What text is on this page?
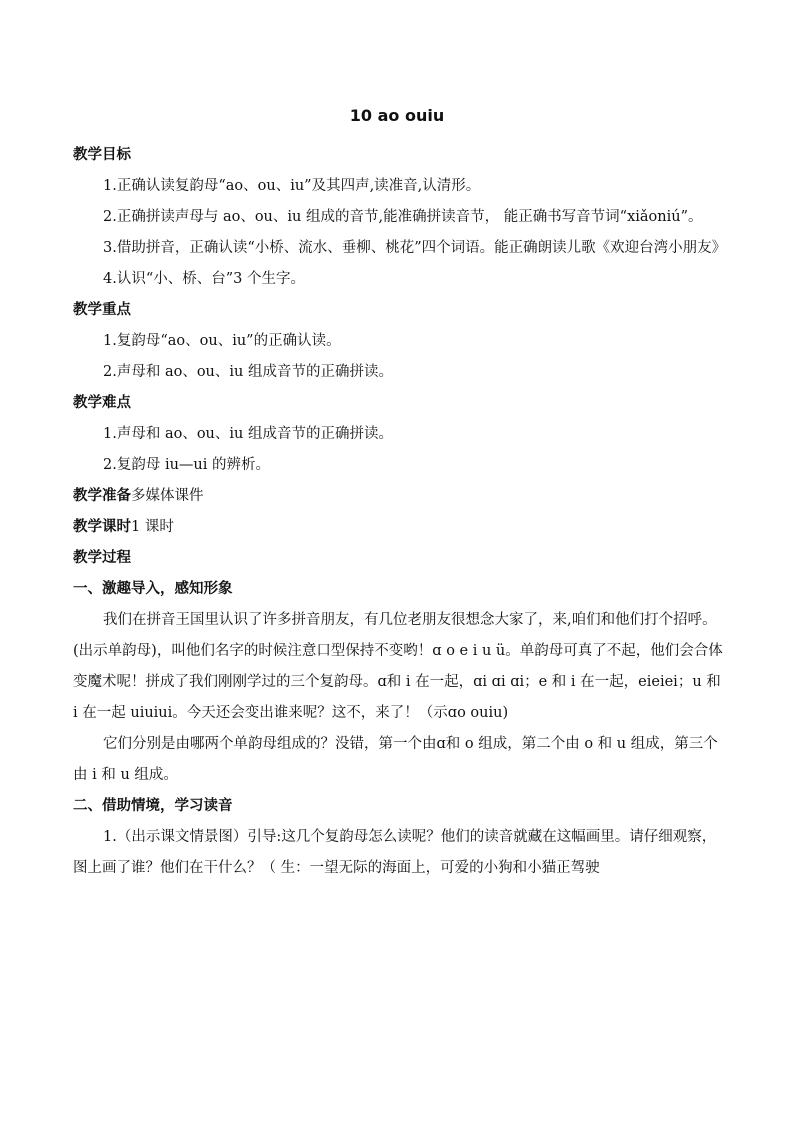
10 ao ouiu

教学目标

1.正确认读复韵母“ao、ou、iu”及其四声,读准音,认清形。

2.正确拼读声母与 ao、ou、iu 组成的音节,能准确拼读音节， 能正确书写音节词“xiǎoniú”。

3.借助拼音，正确认读“小桥、流水、垂柳、桃花”四个词语。能正确朗读儿歌《欢迎台湾小朋友》

4.认识“小、桥、台”3 个生字。

教学重点

1.复韵母“ao、ou、iu”的正确认读。

2.声母和 ao、ou、iu 组成音节的正确拼读。

教学难点

1.声母和 ao、ou、iu 组成音节的正确拼读。

2.复韵母 iu—ui 的辨析。

教学准备多媒体课件

教学课时1 课时

教学过程

一、激趣导入，感知形象

我们在拼音王国里认识了许多拼音朋友，有几位老朋友很想念大家了，来,咱们和他们打个招呼。(出示单韵母)，叫他们名字的时候注意口型保持不变哟！ɑ o e i u ü。单韵母可真了不起，他们会合体变魔术呢！拼成了我们刚刚学过的三个复韵母。ɑ和 i 在一起，ɑi ɑi ɑi；e 和 i 在一起，eieiei；u 和 i 在一起 uiuiui。今天还会变出谁来呢？这不，来了！（示ɑo ouiu)

它们分别是由哪两个单韵母组成的？没错，第一个由ɑ和 o 组成，第二个由 o 和 u 组成，第三个由 i 和 u 组成。

二、借助情境，学习读音

1.（出示课文情景图）引导:这几个复韵母怎么读呢？他们的读音就藏在这幅画里。请仔细观察，图上画了谁？他们在干什么？（ 生：一望无际的海面上，可爱的小狗和小猫正驾驶
